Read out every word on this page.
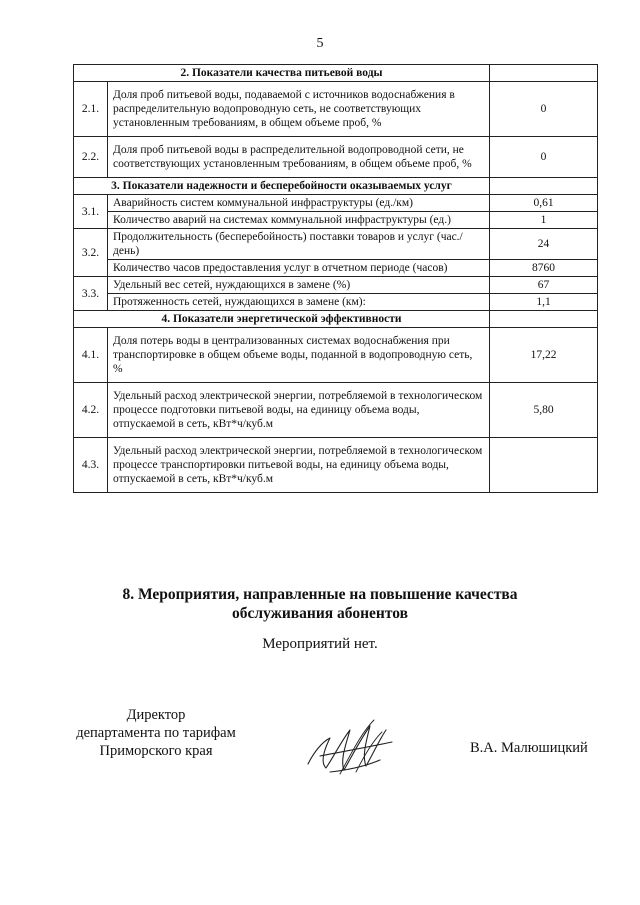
5
2. Показатели качества питьевой воды		
2.1.	Доля проб питьевой воды, подаваемой с источников водоснабжения в распределительную водопроводную сеть, не соответствующих установленным требованиям, в общем объеме проб, %	0
2.2.	Доля проб питьевой воды в распределительной водопроводной сети, не соответствующих установленным требованиям, в общем объеме проб, %	0
3. Показатели надежности и бесперебойности оказываемых услуг		
3.1.	Аварийность систем коммунальной инфраструктуры (ед./км)	0,61
	Количество аварий на системах коммунальной инфраструктуры (ед.)	1
3.2.	Продолжительность (бесперебойность) поставки товаров и услуг (час./день)	24
	Количество часов предоставления услуг в отчетном периоде (часов)	8760
3.3.	Удельный вес сетей, нуждающихся в замене (%)	67
	Протяженность сетей, нуждающихся в замене (км):	1,1
4. Показатели энергетической эффективности		
4.1.	Доля потерь воды в централизованных системах водоснабжения при транспортировке в общем объеме воды, поданной в водопроводную сеть, %	17,22
4.2.	Удельный расход электрической энергии, потребляемой в технологическом процессе подготовки питьевой воды, на единицу объема воды, отпускаемой в сеть, кВт*ч/куб.м	5,80
4.3.	Удельный расход электрической энергии, потребляемой в технологическом процессе транспортировки питьевой воды, на единицу объема воды, отпускаемой в сеть, кВт*ч/куб.м	
8. Мероприятия, направленные на повышение качества
обслуживания абонентов
Мероприятий нет.
Директор
департамента по тарифам
Приморского края	В.А. Малюшицкий
